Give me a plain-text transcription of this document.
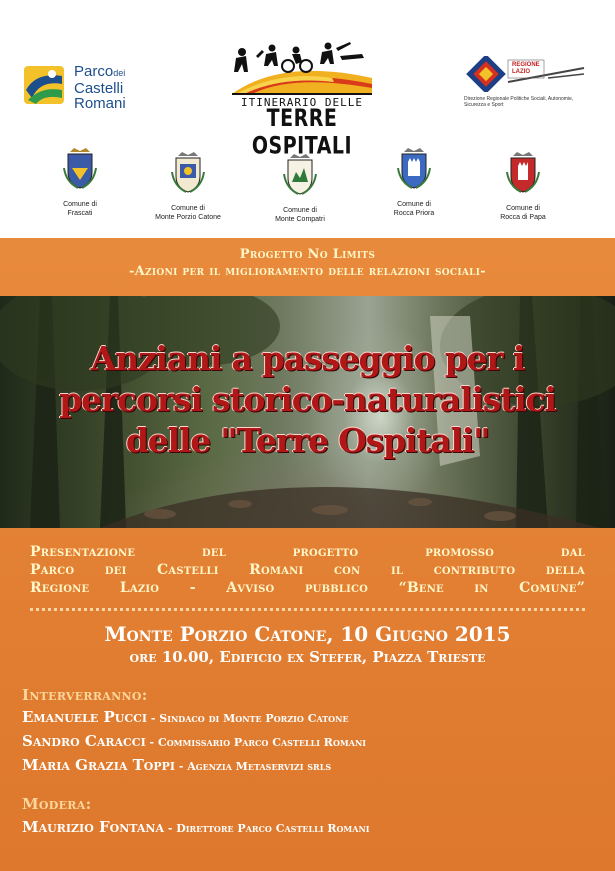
Parcodei
Castelli
Romani	ITINERARIO DELLE
TERRE OSPITALI
REGIONE
LAZIO
Direzione Regionale Politiche Sociali, Autonomie, Sicurezza e Sport
Comune di
Frascati
Comune di
Monte Porzio Catone
Comune di
Monte Compatri
Comune di
Rocca Priora
Comune di
Rocca di Papa
Progetto No Limits
-Azioni per il miglioramento delle relazioni sociali-
Anziani a passeggio per i
percorsi storico-naturalistici
delle "Terre Ospitali"
Presentazione del progetto promosso dal
Parco dei Castelli Romani con il contributo della
Regione Lazio - Avviso pubblico “Bene in Comune”
Monte Porzio Catone, 10 Giugno 2015
ore 10.00, Edificio ex Stefer, Piazza Trieste
Interverranno:
Emanuele Pucci - Sindaco di Monte Porzio Catone
Sandro Caracci - Commissario Parco Castelli Romani
Maria Grazia Toppi - Agenzia Metaservizi srls
Modera:
Maurizio Fontana - Direttore Parco Castelli Romani
